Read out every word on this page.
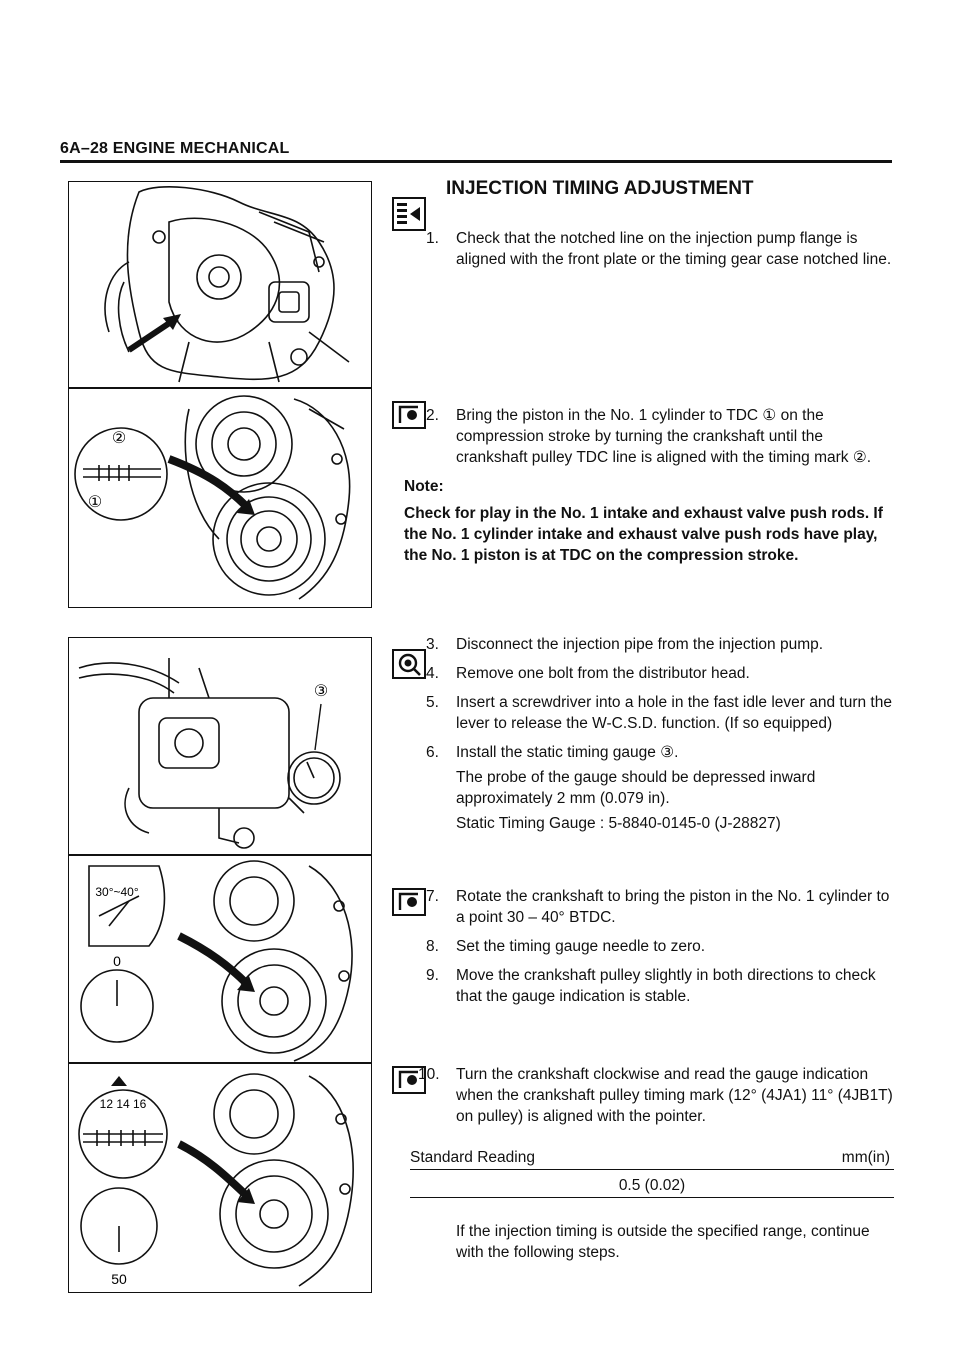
6A–28 ENGINE MECHANICAL
②
①
③
0
30°~40°
12 14 16
50
INJECTION TIMING ADJUSTMENT
1. Check that the notched line on the injection pump flange is aligned with the front plate or the timing gear case notched line.
2. Bring the piston in the No. 1 cylinder to TDC ① on the compression stroke by turning the crankshaft until the crankshaft pulley TDC line is aligned with the timing mark ②.
Note:
Check for play in the No. 1 intake and exhaust valve push rods. If the No. 1 cylinder intake and exhaust valve push rods have play, the No. 1 piston is at TDC on the compression stroke.
3. Disconnect the injection pipe from the injection pump.
4. Remove one bolt from the distributor head.
5. Insert a screwdriver into a hole in the fast idle lever and turn the lever to release the W-C.S.D. function. (If so equipped)
6. Install the static timing gauge ③.
The probe of the gauge should be depressed inward approximately 2 mm (0.079 in).
Static Timing Gauge : 5-8840-0145-0 (J-28827)
7. Rotate the crankshaft to bring the piston in the No. 1 cylinder to a point 30 – 40° BTDC.
8. Set the timing gauge needle to zero.
9. Move the crankshaft pulley slightly in both directions to check that the gauge indication is stable.
10. Turn the crankshaft clockwise and read the gauge indication when the crankshaft pulley timing mark (12° (4JA1) 11° (4JB1T) on pulley) is aligned with the pointer.
Standard Reading	mm(in)
0.5 (0.02)
If the injection timing is outside the specified range, continue with the following steps.
